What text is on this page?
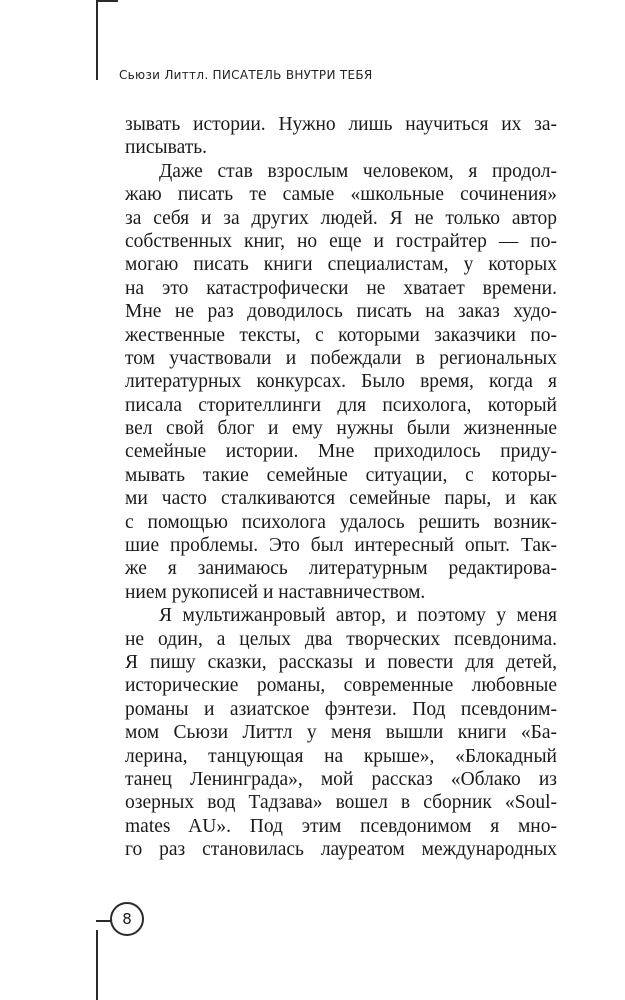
Сьюзи Литтл. ПИСАТЕЛЬ ВНУТРИ ТЕБЯ
зывать истории. Нужно лишь научиться их за-
писывать.
Даже став взрослым человеком, я продол-
жаю писать те самые «школьные сочинения»
за себя и за других людей. Я не только автор
собственных книг, но еще и гострайтер — по-
могаю писать книги специалистам, у которых
на это катастрофически не хватает времени.
Мне не раз доводилось писать на заказ худо-
жественные тексты, с которыми заказчики по-
том участвовали и побеждали в региональных
литературных конкурсах. Было время, когда я
писала сторителлинги для психолога, который
вел свой блог и ему нужны были жизненные
семейные истории. Мне приходилось приду-
мывать такие семейные ситуации, с которы-
ми часто сталкиваются семейные пары, и как
с помощью психолога удалось решить возник-
шие проблемы. Это был интересный опыт. Так-
же я занимаюсь литературным редактирова-
нием рукописей и наставничеством.
Я мультижанровый автор, и поэтому у меня
не один, а целых два творческих псевдонима.
Я пишу сказки, рассказы и повести для детей,
исторические романы, современные любовные
романы и азиатское фэнтези. Под псевдоним-
мом Сьюзи Литтл у меня вышли книги «Ба-
лерина, танцующая на крыше», «Блокадный
танец Ленинграда», мой рассказ «Облако из
озерных вод Тадзава» вошел в сборник «Soul-
mates AU». Под этим псевдонимом я мно-
го раз становилась лауреатом международных
8
